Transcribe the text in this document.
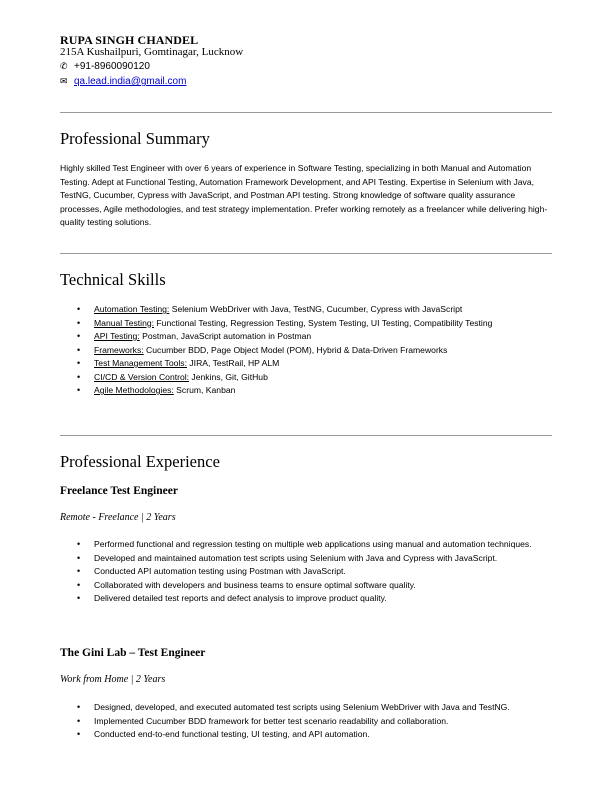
RUPA SINGH CHANDEL
215A Kushailpuri, Gomtinagar, Lucknow
✆ +91-8960090120
✉ qa.lead.india@gmail.com
Professional Summary
Highly skilled Test Engineer with over 6 years of experience in Software Testing, specializing in both Manual and Automation Testing. Adept at Functional Testing, Automation Framework Development, and API Testing. Expertise in Selenium with Java, TestNG, Cucumber, Cypress with JavaScript, and Postman API testing. Strong knowledge of software quality assurance processes, Agile methodologies, and test strategy implementation. Prefer working remotely as a freelancer while delivering high-quality testing solutions.
Technical Skills
• Automation Testing: Selenium WebDriver with Java, TestNG, Cucumber, Cypress with JavaScript
• Manual Testing: Functional Testing, Regression Testing, System Testing, UI Testing, Compatibility Testing
• API Testing: Postman, JavaScript automation in Postman
• Frameworks: Cucumber BDD, Page Object Model (POM), Hybrid & Data-Driven Frameworks
• Test Management Tools: JIRA, TestRail, HP ALM
• CI/CD & Version Control: Jenkins, Git, GitHub
• Agile Methodologies: Scrum, Kanban
Professional Experience
Freelance Test Engineer
Remote - Freelance | 2 Years
• Performed functional and regression testing on multiple web applications using manual and automation techniques.
• Developed and maintained automation test scripts using Selenium with Java and Cypress with JavaScript.
• Conducted API automation testing using Postman with JavaScript.
• Collaborated with developers and business teams to ensure optimal software quality.
• Delivered detailed test reports and defect analysis to improve product quality.
The Gini Lab – Test Engineer
Work from Home | 2 Years
• Designed, developed, and executed automated test scripts using Selenium WebDriver with Java and TestNG.
• Implemented Cucumber BDD framework for better test scenario readability and collaboration.
• Conducted end-to-end functional testing, UI testing, and API automation.
